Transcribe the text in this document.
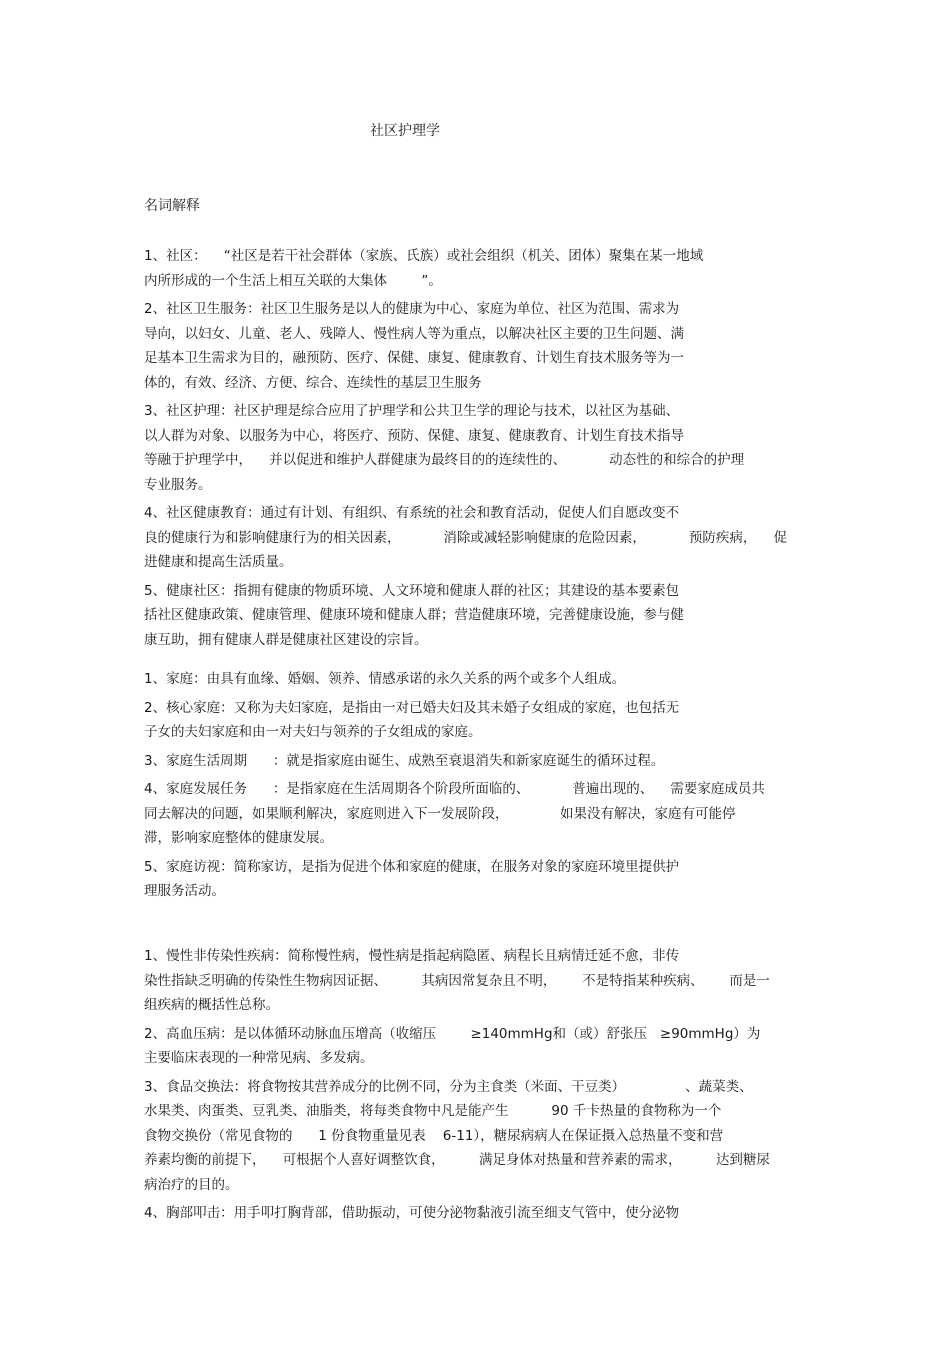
社区护理学
名词解释
1、社区：    “社区是若干社会群体（家族、氏族）或社会组织（机关、团体）聚集在某一地域
内所形成的一个生活上相互关联的大集体        ”。
2、社区卫生服务：社区卫生服务是以人的健康为中心、家庭为单位、社区为范围、需求为
导向，以妇女、儿童、老人、残障人、慢性病人等为重点，以解决社区主要的卫生问题、满
足基本卫生需求为目的，融预防、医疗、保健、康复、健康教育、计划生育技术服务等为一
体的，有效、经济、方便、综合、连续性的基层卫生服务
3、社区护理：社区护理是综合应用了护理学和公共卫生学的理论与技术，以社区为基础、
以人群为对象、以服务为中心，将医疗、预防、保健、康复、健康教育、计划生育技术指导
等融于护理学中，    并以促进和维护人群健康为最终目的的连续性的、          动态性的和综合的护理
专业服务。
4、社区健康教育：通过有计划、有组织、有系统的社会和教育活动，促使人们自愿改变不
良的健康行为和影响健康行为的相关因素，          消除或减轻影响健康的危险因素，          预防疾病，    促
进健康和提高生活质量。
5、健康社区：指拥有健康的物质环境、人文环境和健康人群的社区；其建设的基本要素包
括社区健康政策、健康管理、健康环境和健康人群；营造健康环境，完善健康设施，参与健
康互助，拥有健康人群是健康社区建设的宗旨。
1、家庭：由具有血缘、婚姻、领养、情感承诺的永久关系的两个或多个人组成。
2、核心家庭：又称为夫妇家庭，是指由一对已婚夫妇及其未婚子女组成的家庭，也包括无
子女的夫妇家庭和由一对夫妇与领养的子女组成的家庭。
3、家庭生活周期      ：就是指家庭由诞生、成熟至衰退消失和新家庭诞生的循环过程。
4、家庭发展任务      ：是指家庭在生活周期各个阶段所面临的、          普遍出现的、    需要家庭成员共
同去解决的问题，如果顺利解决，家庭则进入下一发展阶段，            如果没有解决，家庭有可能停
滞，影响家庭整体的健康发展。
5、家庭访视：简称家访，是指为促进个体和家庭的健康，在服务对象的家庭环境里提供护
理服务活动。
1、慢性非传染性疾病：简称慢性病，慢性病是指起病隐匿、病程长且病情迁延不愈，非传
染性指缺乏明确的传染性生物病因证据、        其病因常复杂且不明，      不是特指某种疾病、      而是一
组疾病的概括性总称。
2、高血压病：是以体循环动脉血压增高（收缩压        ≥140mmHg和（或）舒张压   ≥90mmHg）为
主要临床表现的一种常见病、多发病。
3、食品交换法：将食物按其营养成分的比例不同，分为主食类（米面、干豆类）              、蔬菜类、
水果类、肉蛋类、豆乳类、油脂类，将每类食物中凡是能产生          90 千卡热量的食物称为一个
食物交换份（常见食物的      1 份食物重量见表    6-11），糖尿病病人在保证摄入总热量不变和营
养素均衡的前提下，    可根据个人喜好调整饮食，        满足身体对热量和营养素的需求，        达到糖尿
病治疗的目的。
4、胸部叩击：用手叩打胸背部，借助振动，可使分泌物黏液引流至细支气管中，使分泌物
